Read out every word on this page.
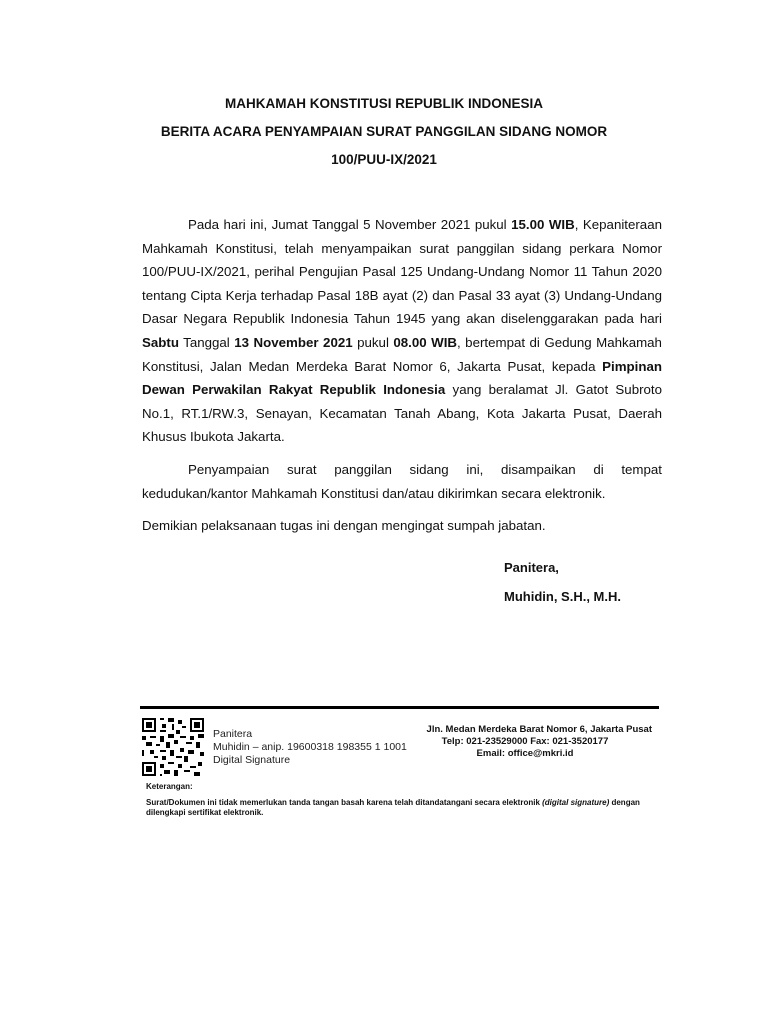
MAHKAMAH KONSTITUSI REPUBLIK INDONESIA
BERITA ACARA PENYAMPAIAN SURAT PANGGILAN SIDANG NOMOR
100/PUU-IX/2021

Pada hari ini, Jumat Tanggal 5 November 2021 pukul 15.00 WIB, Kepaniteraan Mahkamah Konstitusi, telah menyampaikan surat panggilan sidang perkara Nomor 100/PUU-IX/2021, perihal Pengujian Pasal 125 Undang-Undang Nomor 11 Tahun 2020 tentang Cipta Kerja terhadap Pasal 18B ayat (2) dan Pasal 33 ayat (3) Undang-Undang Dasar Negara Republik Indonesia Tahun 1945 yang akan diselenggarakan pada hari Sabtu Tanggal 13 November 2021 pukul 08.00 WIB, bertempat di Gedung Mahkamah Konstitusi, Jalan Medan Merdeka Barat Nomor 6, Jakarta Pusat, kepada Pimpinan Dewan Perwakilan Rakyat Republik Indonesia yang beralamat Jl. Gatot Subroto No.1, RT.1/RW.3, Senayan, Kecamatan Tanah Abang, Kota Jakarta Pusat, Daerah Khusus Ibukota Jakarta.

Penyampaian surat panggilan sidang ini, disampaikan di tempat kedudukan/kantor Mahkamah Konstitusi dan/atau dikirimkan secara elektronik.

Demikian pelaksanaan tugas ini dengan mengingat sumpah jabatan.

Panitera,
Muhidin, S.H., M.H.
Panitera
Muhidin – anip. 19600318 198355 1 1001
Digital Signature
Jln. Medan Merdeka Barat Nomor 6, Jakarta Pusat
Telp: 021-23529000 Fax: 021-3520177
Email: office@mkri.id
Keterangan:
Surat/Dokumen ini tidak memerlukan tanda tangan basah karena telah ditandatangani secara elektronik (digital signature) dengan dilengkapi sertifikat elektronik.
